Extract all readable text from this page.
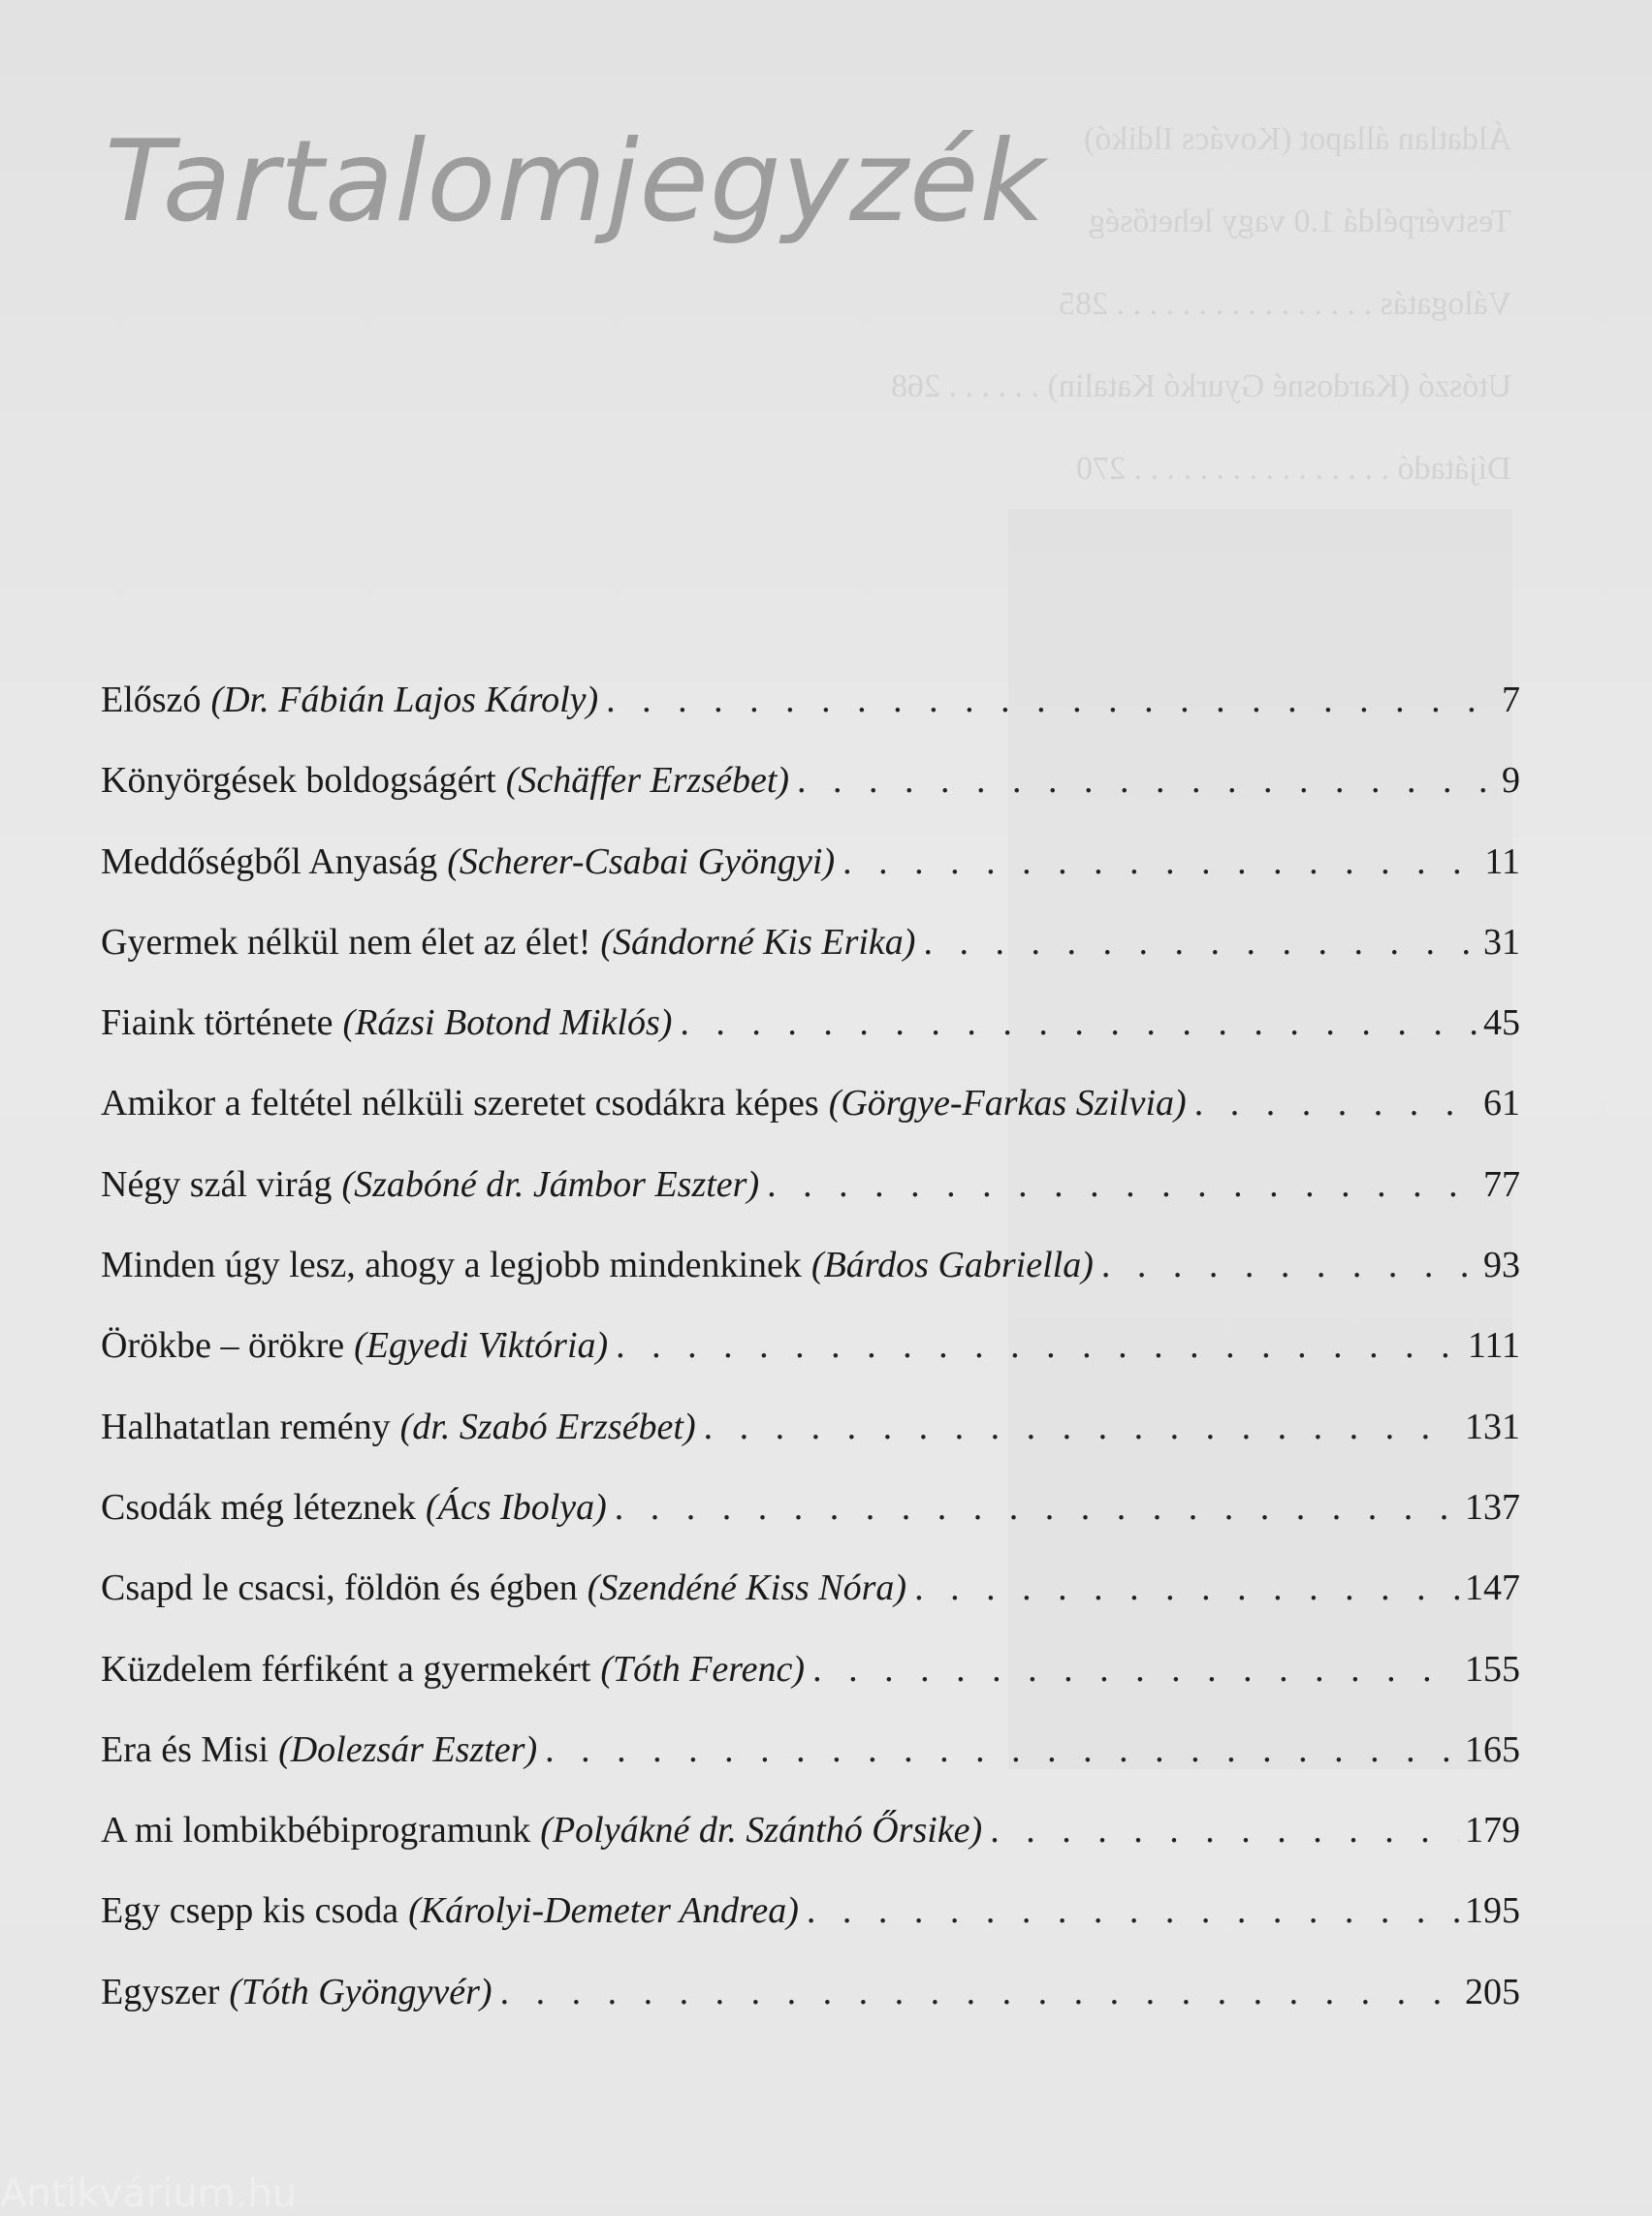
Áldatlan állapot (Kovács Ildikó)
Testvérpéldá 1.0 vagy lehetőség
Válogatás . . . . . . . . . . . . . . . . 285
Utószó (Kardosné Gyurkó Katalin) . . . . . . 268
Díjátadó . . . . . . . . . . . . . . . . 270
Tartalomjegyzék
Előszó (Dr. Fábián Lajos Károly) . . .	7
Könyörgések boldogságért (Schäffer Erzsébet) . . .	9
Meddőségből Anyaság (Scherer-Csabai Gyöngyi) . . .	11
Gyermek nélkül nem élet az élet! (Sándorné Kis Erika) . . .	31
Fiaink története (Rázsi Botond Miklós) . . .	45
Amikor a feltétel nélküli szeretet csodákra képes (Görgye-Farkas Szilvia) . . .	61
Négy szál virág (Szabóné dr. Jámbor Eszter) . . .	77
Minden úgy lesz, ahogy a legjobb mindenkinek (Bárdos Gabriella) . . .	93
Örökbe – örökre (Egyedi Viktória) . . .	111
Halhatatlan remény (dr. Szabó Erzsébet) . . .	131
Csodák még léteznek (Ács Ibolya) . . .	137
Csapd le csacsi, földön és égben (Szendéné Kiss Nóra) . . .	147
Küzdelem férfiként a gyermekért (Tóth Ferenc) . . .	155
Era és Misi (Dolezsár Eszter) . . .	165
A mi lombikbébiprogramunk (Polyákné dr. Szánthó Őrsike) . . .	179
Egy csepp kis csoda (Károlyi-Demeter Andrea) . . .	195
Egyszer (Tóth Gyöngyvér) . . .	205
Antikvárium.hu
